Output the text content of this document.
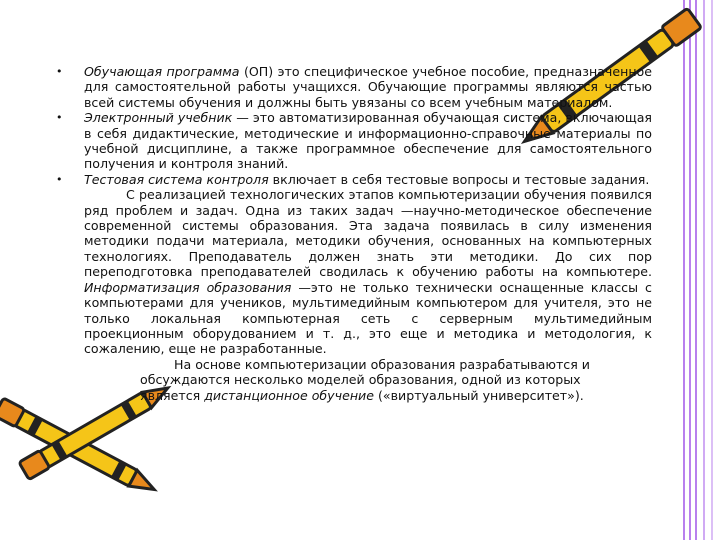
• Обучающая программа (ОП) это специфическое учебное пособие, предназначенное для самостоятельной работы учащихся. Обучающие программы являются частью всей системы обучения и должны быть увязаны со всем учебным материалом.
• Электронный учебник — это автоматизированная обучающая система, включающая в себя дидактические, методические и информационно-справочные материалы по учебной дисциплине, а также программное обеспечение для самостоятельного получения и контроля знаний.
• Тестовая система контроля включает в себя тестовые вопросы и тестовые задания.
С реализацией технологических этапов компьютеризации обучения появился ряд проблем и задач. Одна из таких задач —научно-методическое обеспечение современной системы образования. Эта задача появилась в силу изменения методики подачи материала, методики обучения, основанных на компьютерных технологиях. Преподаватель должен знать эти методики. До сих пор переподготовка преподавателей сводилась к обучению работы на компьютере. Информатизация образования —это не только технически оснащенные классы с компьютерами для учеников, мультимедийным компьютером для учителя, это не только локальная компьютерная сеть с серверным мультимедийным проекционным оборудованием и т. д., это еще и методика и методология, к сожалению, еще не разработанные.
На основе компьютеризации образования разрабатываются и
обсуждаются несколько моделей образования, одной из которых
является дистанционное обучение («виртуальный университет»).
